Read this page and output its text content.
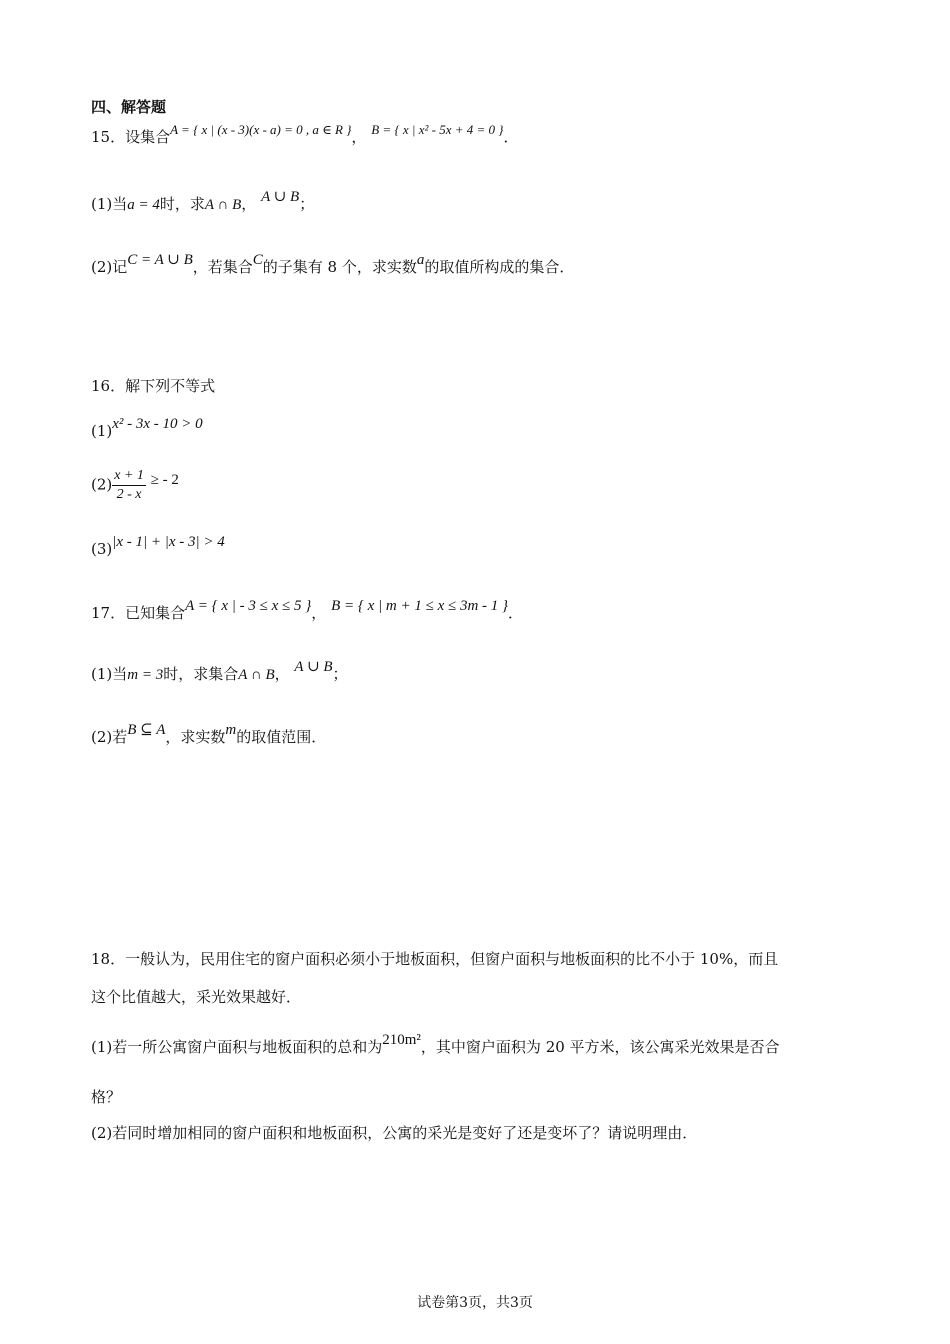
四、解答题
15．设集合A = { x | (x - 3)(x - a) = 0 , a ∈ R }， B = { x | x² - 5x + 4 = 0 }．
(1)当a = 4时，求A ∩ B， A ∪ B；
(2)记C = A ∪ B，若集合C的子集有 8 个，求实数a的取值所构成的集合．
16．解下列不等式
(1)x² - 3x - 10 > 0
$(2) \frac{x + 1}{2 - x}$ ≥ - 2
(3)|x - 1| + |x - 3| > 4
17．已知集合A = { x | - 3 ≤ x ≤ 5 }， B = { x | m + 1 ≤ x ≤ 3m - 1 }．
(1)当m = 3时，求集合A ∩ B， A ∪ B；
(2)若B ⊆ A，求实数m的取值范围．
18．一般认为，民用住宅的窗户面积必须小于地板面积，但窗户面积与地板面积的比不小于 10%，而且
这个比值越大，采光效果越好．
(1)若一所公寓窗户面积与地板面积的总和为210m²，其中窗户面积为 20 平方米，该公寓采光效果是否合
格？
(2)若同时增加相同的窗户面积和地板面积，公寓的采光是变好了还是变坏了？请说明理由．
试卷第3页，共3页
